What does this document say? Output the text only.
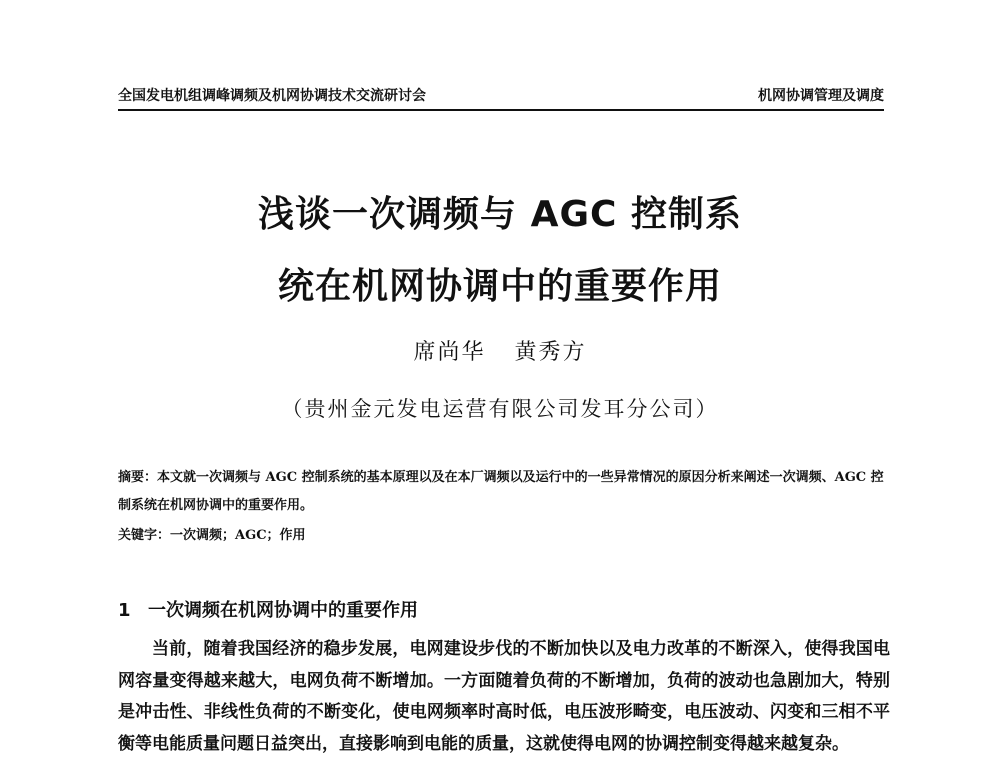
全国发电机组调峰调频及机网协调技术交流研讨会	机网协调管理及调度
浅谈一次调频与 AGC 控制系
统在机网协调中的重要作用
席尚华 黄秀方
（贵州金元发电运营有限公司发耳分公司）
摘要：本文就一次调频与 AGC 控制系统的基本原理以及在本厂调频以及运行中的一些异常情况的原因分析来阐述一次调频、AGC 控制系统在机网协调中的重要作用。
关键字：一次调频；AGC；作用
1 一次调频在机网协调中的重要作用
当前，随着我国经济的稳步发展，电网建设步伐的不断加快以及电力改革的不断深入，使得我国电网容量变得越来越大，电网负荷不断增加。一方面随着负荷的不断增加，负荷的波动也急剧加大，特别是冲击性、非线性负荷的不断变化，使电网频率时高时低，电压波形畸变，电压波动、闪变和三相不平衡等电能质量问题日益突出，直接影响到电能的质量，这就使得电网的协调控制变得越来越复杂。
